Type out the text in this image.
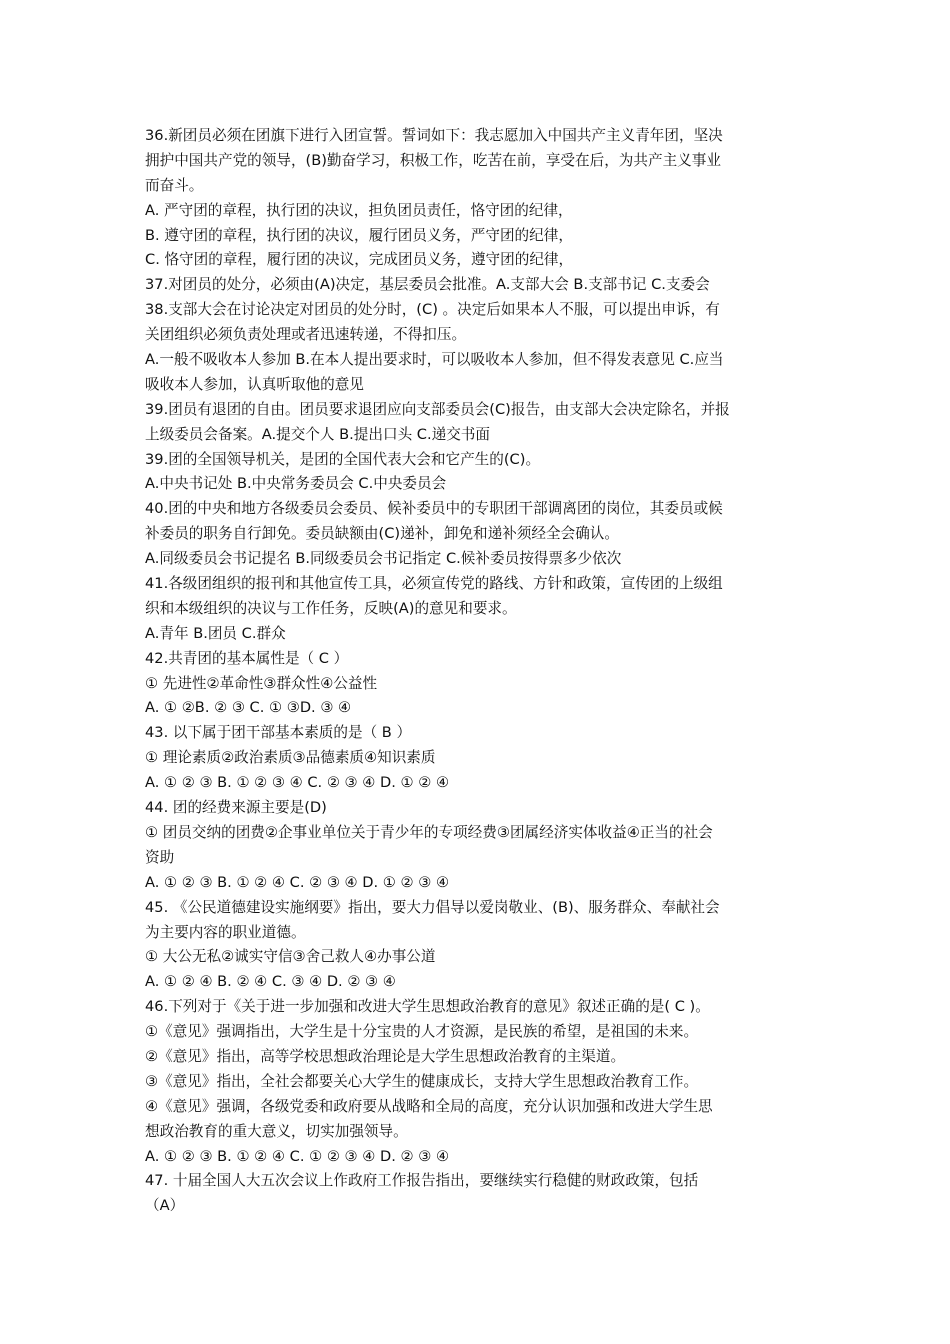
36.新团员必须在团旗下进行入团宣誓。誓词如下：我志愿加入中国共产主义青年团，坚决
拥护中国共产党的领导，(B)勤奋学习，积极工作，吃苦在前，享受在后，为共产主义事业
而奋斗。
A. 严守团的章程，执行团的决议，担负团员责任，恪守团的纪律，
B. 遵守团的章程，执行团的决议，履行团员义务，严守团的纪律，
C. 恪守团的章程，履行团的决议，完成团员义务，遵守团的纪律，
37.对团员的处分，必须由(A)决定，基层委员会批准。A.支部大会 B.支部书记 C.支委会
38.支部大会在讨论决定对团员的处分时，(C) 。决定后如果本人不服，可以提出申诉，有
关团组织必须负责处理或者迅速转递，不得扣压。
A.一般不吸收本人参加 B.在本人提出要求时，可以吸收本人参加，但不得发表意见 C.应当
吸收本人参加，认真听取他的意见
39.团员有退团的自由。团员要求退团应向支部委员会(C)报告，由支部大会决定除名，并报
上级委员会备案。A.提交个人 B.提出口头 C.递交书面
39.团的全国领导机关，是团的全国代表大会和它产生的(C)。
A.中央书记处 B.中央常务委员会 C.中央委员会
40.团的中央和地方各级委员会委员、候补委员中的专职团干部调离团的岗位，其委员或候
补委员的职务自行卸免。委员缺额由(C)递补，卸免和递补须经全会确认。
A.同级委员会书记提名 B.同级委员会书记指定 C.候补委员按得票多少依次
41.各级团组织的报刊和其他宣传工具，必须宣传党的路线、方针和政策，宣传团的上级组
织和本级组织的决议与工作任务，反映(A)的意见和要求。
A.青年 B.团员 C.群众
42.共青团的基本属性是（ C ）
① 先进性②革命性③群众性④公益性
A. ① ②B. ② ③ C. ① ③D. ③ ④
43. 以下属于团干部基本素质的是（ B ）
① 理论素质②政治素质③品德素质④知识素质
A. ① ② ③ B. ① ② ③ ④ C. ② ③ ④ D. ① ② ④
44. 团的经费来源主要是(D)
① 团员交纳的团费②企事业单位关于青少年的专项经费③团属经济实体收益④正当的社会
资助
A. ① ② ③ B. ① ② ④ C. ② ③ ④ D. ① ② ③ ④
45. 《公民道德建设实施纲要》指出，要大力倡导以爱岗敬业、(B)、服务群众、奉献社会
为主要内容的职业道德。
① 大公无私②诚实守信③舍己救人④办事公道
A. ① ② ④ B. ② ④ C. ③ ④ D. ② ③ ④
46.下列对于《关于进一步加强和改进大学生思想政治教育的意见》叙述正确的是( C )。
①《意见》强调指出，大学生是十分宝贵的人才资源，是民族的希望，是祖国的未来。
②《意见》指出，高等学校思想政治理论是大学生思想政治教育的主渠道。
③《意见》指出，全社会都要关心大学生的健康成长，支持大学生思想政治教育工作。
④《意见》强调，各级党委和政府要从战略和全局的高度，充分认识加强和改进大学生思
想政治教育的重大意义，切实加强领导。
A. ① ② ③ B. ① ② ④ C. ① ② ③ ④ D. ② ③ ④
47. 十届全国人大五次会议上作政府工作报告指出，要继续实行稳健的财政政策，包括
（A）
